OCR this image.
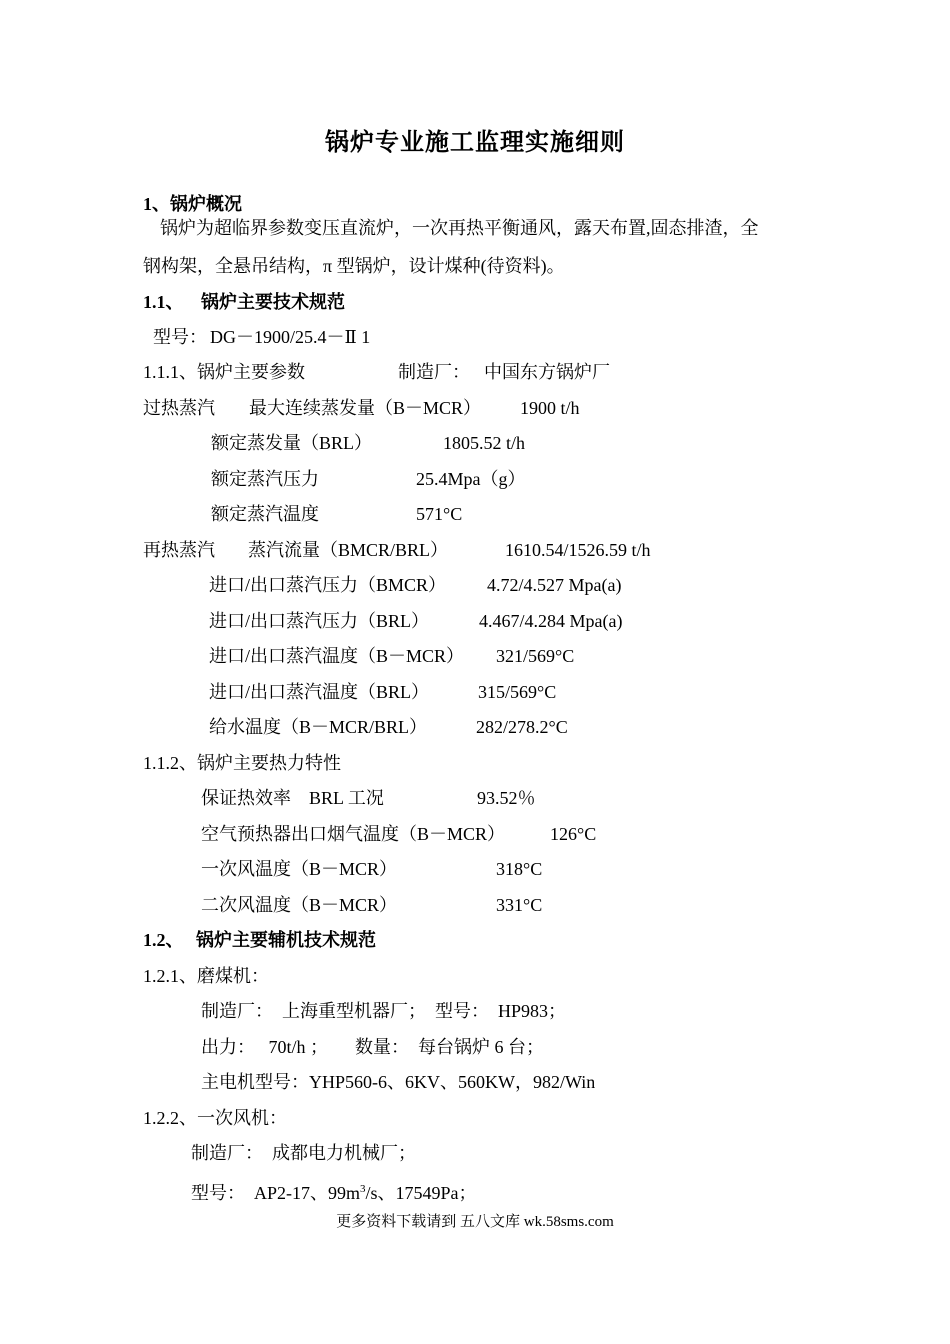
锅炉专业施工监理实施细则
1、锅炉概况
锅炉为超临界参数变压直流炉，一次再热平衡通风，露天布置,固态排渣，全
钢构架，全悬吊结构，π 型锅炉，设计煤种(待资料)。
1.1、 锅炉主要技术规范
型号： DG－1900/25.4－Ⅱ 1
1.1.1、锅炉主要参数	制造厂： 中国东方锅炉厂
过热蒸汽 最大连续蒸发量（B－MCR） 1900 t/h
额定蒸发量（BRL）	1805.52 t/h
额定蒸汽压力	25.4Mpa（g）
额定蒸汽温度	571°C
再热蒸汽 蒸汽流量（BMCR/BRL）	1610.54/1526.59 t/h
进口/出口蒸汽压力（BMCR） 4.72/4.527 Mpa(a)
进口/出口蒸汽压力（BRL）	4.467/4.284 Mpa(a)
进口/出口蒸汽温度（B－MCR） 321/569°C
进口/出口蒸汽温度（BRL）	315/569°C
给水温度（B－MCR/BRL）	282/278.2°C
1.1.2、锅炉主要热力特性
保证热效率　BRL 工况	93.52％
空气预热器出口烟气温度（B－MCR） 126°C
一次风温度（B－MCR）	318°C
二次风温度（B－MCR）	331°C
1.2、 锅炉主要辅机技术规范
1.2.1、磨煤机：
制造厂：　上海重型机器厂；　型号：　HP983；
出力：　 70t/h ；　　数量：　每台锅炉 6 台；
主电机型号：YHP560-6、6KV、560KW，982/Win
1.2.2、一次风机：
制造厂：　成都电力机械厂；
型号：　AP2-17、$99m^3/s$、17549Pa；
更多资料下载请到 五八文库 wk.58sms.com
